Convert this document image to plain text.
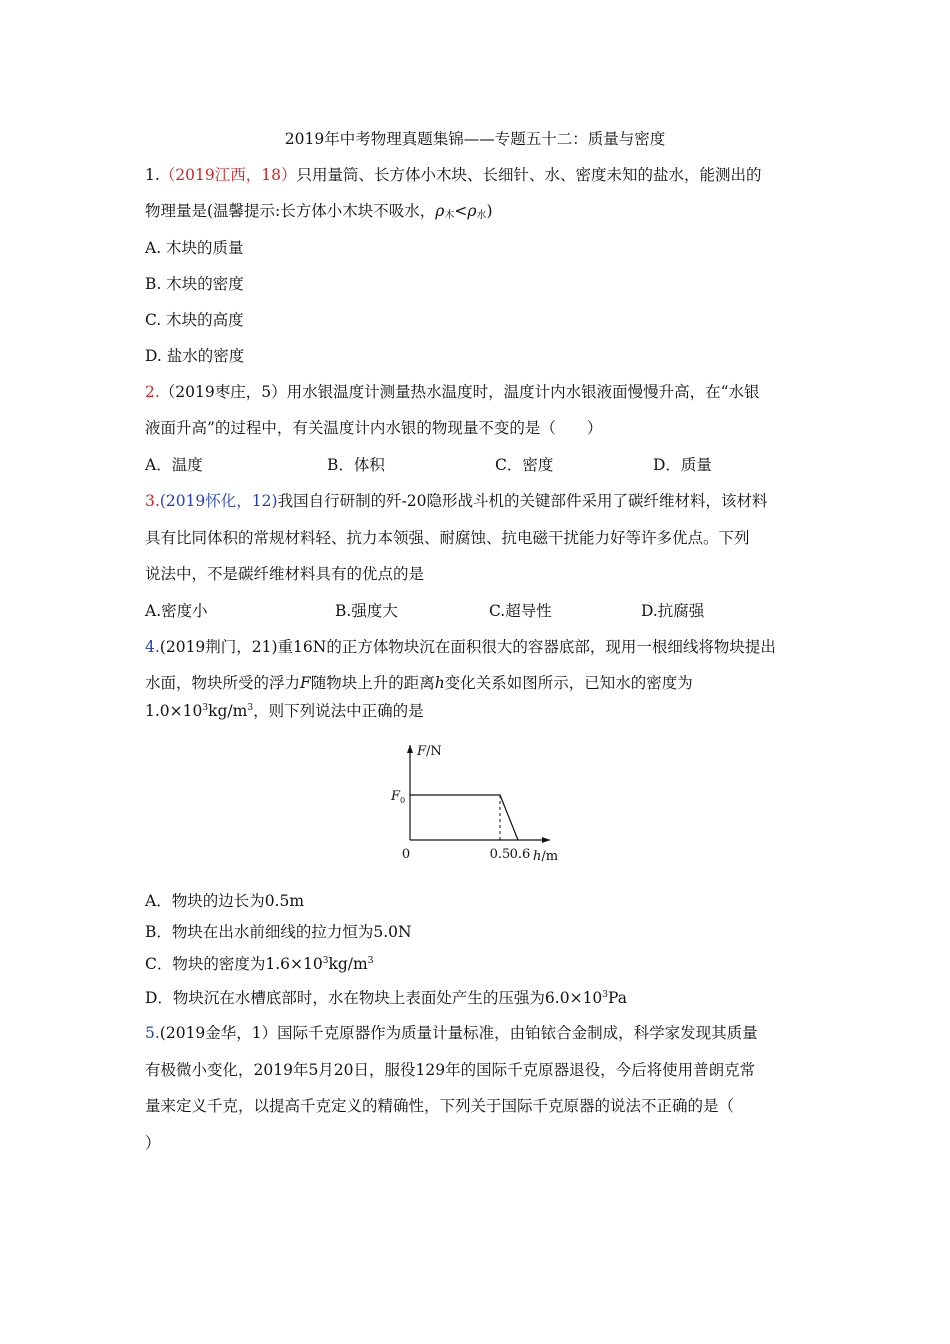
2019年中考物理真题集锦——专题五十二：质量与密度
1.（2019江西，18）只用量筒、长方体小木块、长细针、水、密度未知的盐水，能测出的
物理量是(温馨提示:长方体小木块不吸水，$\rho_木<\rho_水$)
A. 木块的质量
B. 木块的密度
C. 木块的高度
D. 盐水的密度
2.（2019枣庄，5）用水银温度计测量热水温度时，温度计内水银液面慢慢升高，在“水银
液面升高”的过程中，有关温度计内水银的物现量不变的是（　　）
A．温度	B．体积	C．密度	D．质量
3.(2019怀化，12)我国自行研制的歼-20隐形战斗机的关键部件采用了碳纤维材料，该材料
具有比同体积的常规材料轻、抗力本领强、耐腐蚀、抗电磁干扰能力好等许多优点。下列
说法中，不是碳纤维材料具有的优点的是
A.密度小	B.强度大	C.超导性	D.抗腐强
4.(2019荆门，21)重16N的正方体物块沉在面积很大的容器底部，现用一根细线将物块提出
水面，物块所受的浮力F随物块上升的距离h变化关系如图所示，已知水的密度为
$1.0\times 10^3kg/m^3$，则下列说法中正确的是
F/N
$F_0$
0	0.5 0.6 h/m
A．物块的边长为0.5m
B．物块在出水前细线的拉力恒为5.0N
C．物块的密度为$1.6\times 10^3kg/m^3$
D．物块沉在水槽底部时，水在物块上表面处产生的压强为$6.0\times 10^3Pa$
5.(2019金华，1）国际千克原器作为质量计量标准，由铂铱合金制成，科学家发现其质量
有极微小变化，2019年5月20日，服役129年的国际千克原器退役，今后将使用普朗克常
量来定义千克，以提高千克定义的精确性，下列关于国际千克原器的说法不正确的是（
）
